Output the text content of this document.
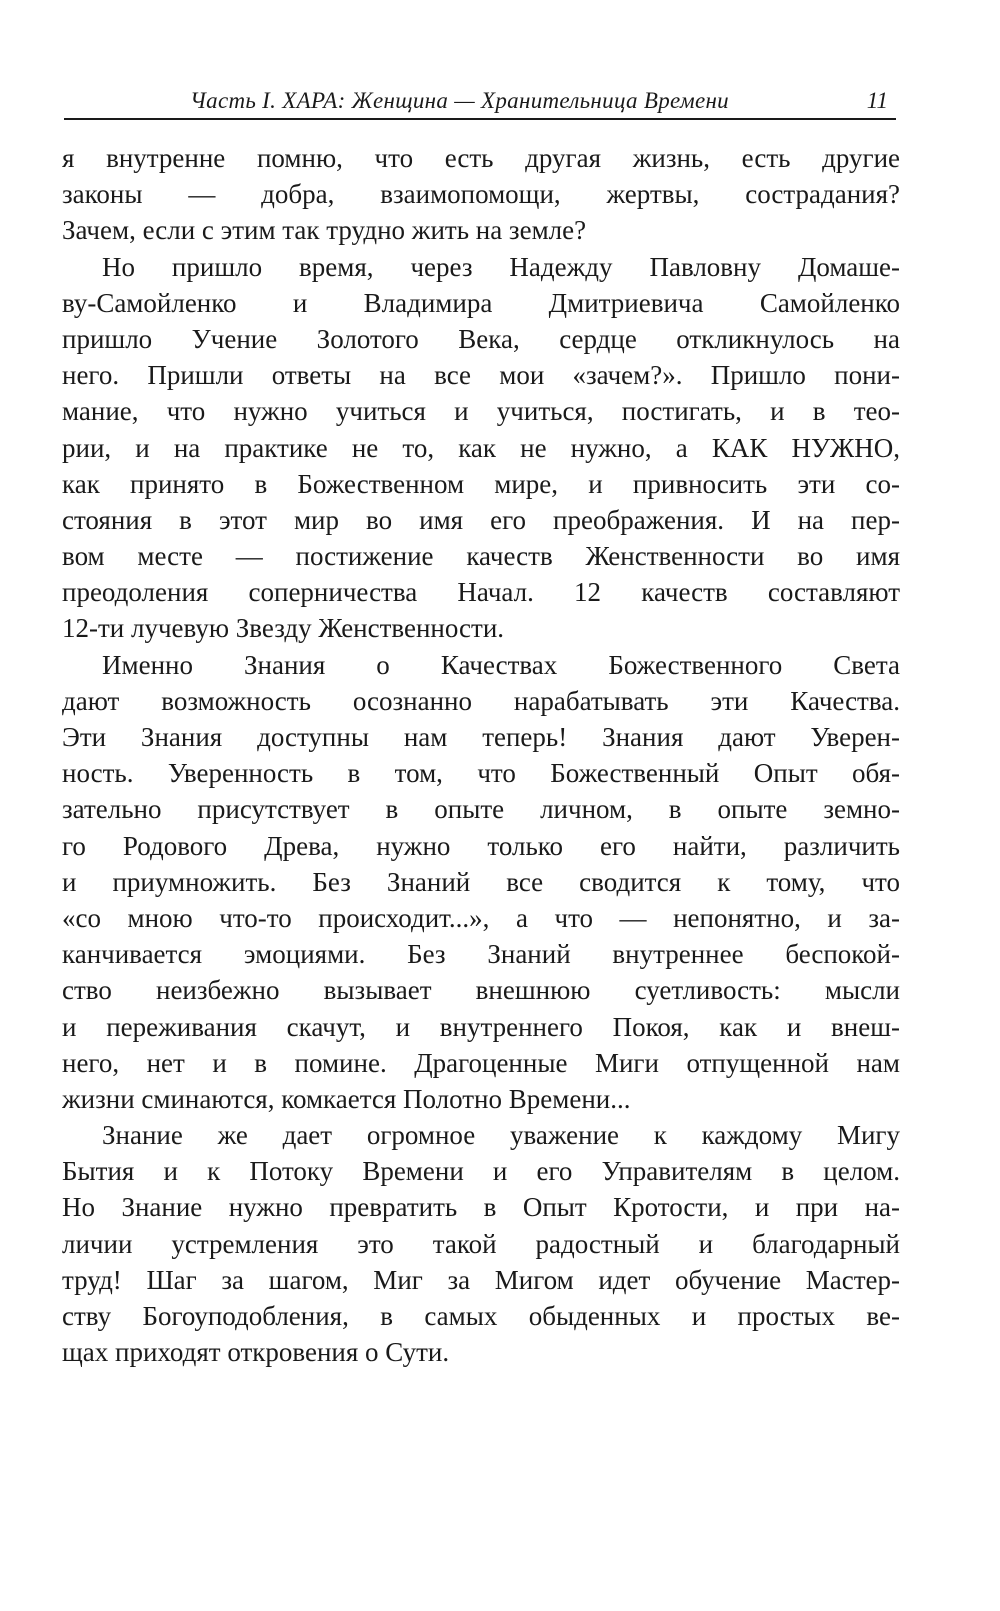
Часть I. ХАРА: Женщина — Хранительница Времени	11
я внутренне помню, что есть другая жизнь, есть другие
законы — добра, взаимопомощи, жертвы, сострадания?
Зачем, если с этим так трудно жить на земле?
Но пришло время, через Надежду Павловну Домаше-
ву-Самойленко и Владимира Дмитриевича Самойленко
пришло Учение Золотого Века, сердце откликнулось на
него. Пришли ответы на все мои «зачем?». Пришло пони-
мание, что нужно учиться и учиться, постигать, и в тео-
рии, и на практике не то, как не нужно, а КАК НУЖНО,
как принято в Божественном мире, и привносить эти со-
стояния в этот мир во имя его преображения. И на пер-
вом месте — постижение качеств Женственности во имя
преодоления соперничества Начал. 12 качеств составляют
12-ти лучевую Звезду Женственности.
Именно Знания о Качествах Божественного Света
дают возможность осознанно нарабатывать эти Качества.
Эти Знания доступны нам теперь! Знания дают Уверен-
ность. Уверенность в том, что Божественный Опыт обя-
зательно присутствует в опыте личном, в опыте земно-
го Родового Древа, нужно только его найти, различить
и приумножить. Без Знаний все сводится к тому, что
«со мною что-то происходит...», а что — непонятно, и за-
канчивается эмоциями. Без Знаний внутреннее беспокой-
ство неизбежно вызывает внешнюю суетливость: мысли
и переживания скачут, и внутреннего Покоя, как и внеш-
него, нет и в помине. Драгоценные Миги отпущенной нам
жизни сминаются, комкается Полотно Времени...
Знание же дает огромное уважение к каждому Мигу
Бытия и к Потоку Времени и его Управителям в целом.
Но Знание нужно превратить в Опыт Кротости, и при на-
личии устремления это такой радостный и благодарный
труд! Шаг за шагом, Миг за Мигом идет обучение Мастер-
ству Богоуподобления, в самых обыденных и простых ве-
щах приходят откровения о Сути.
